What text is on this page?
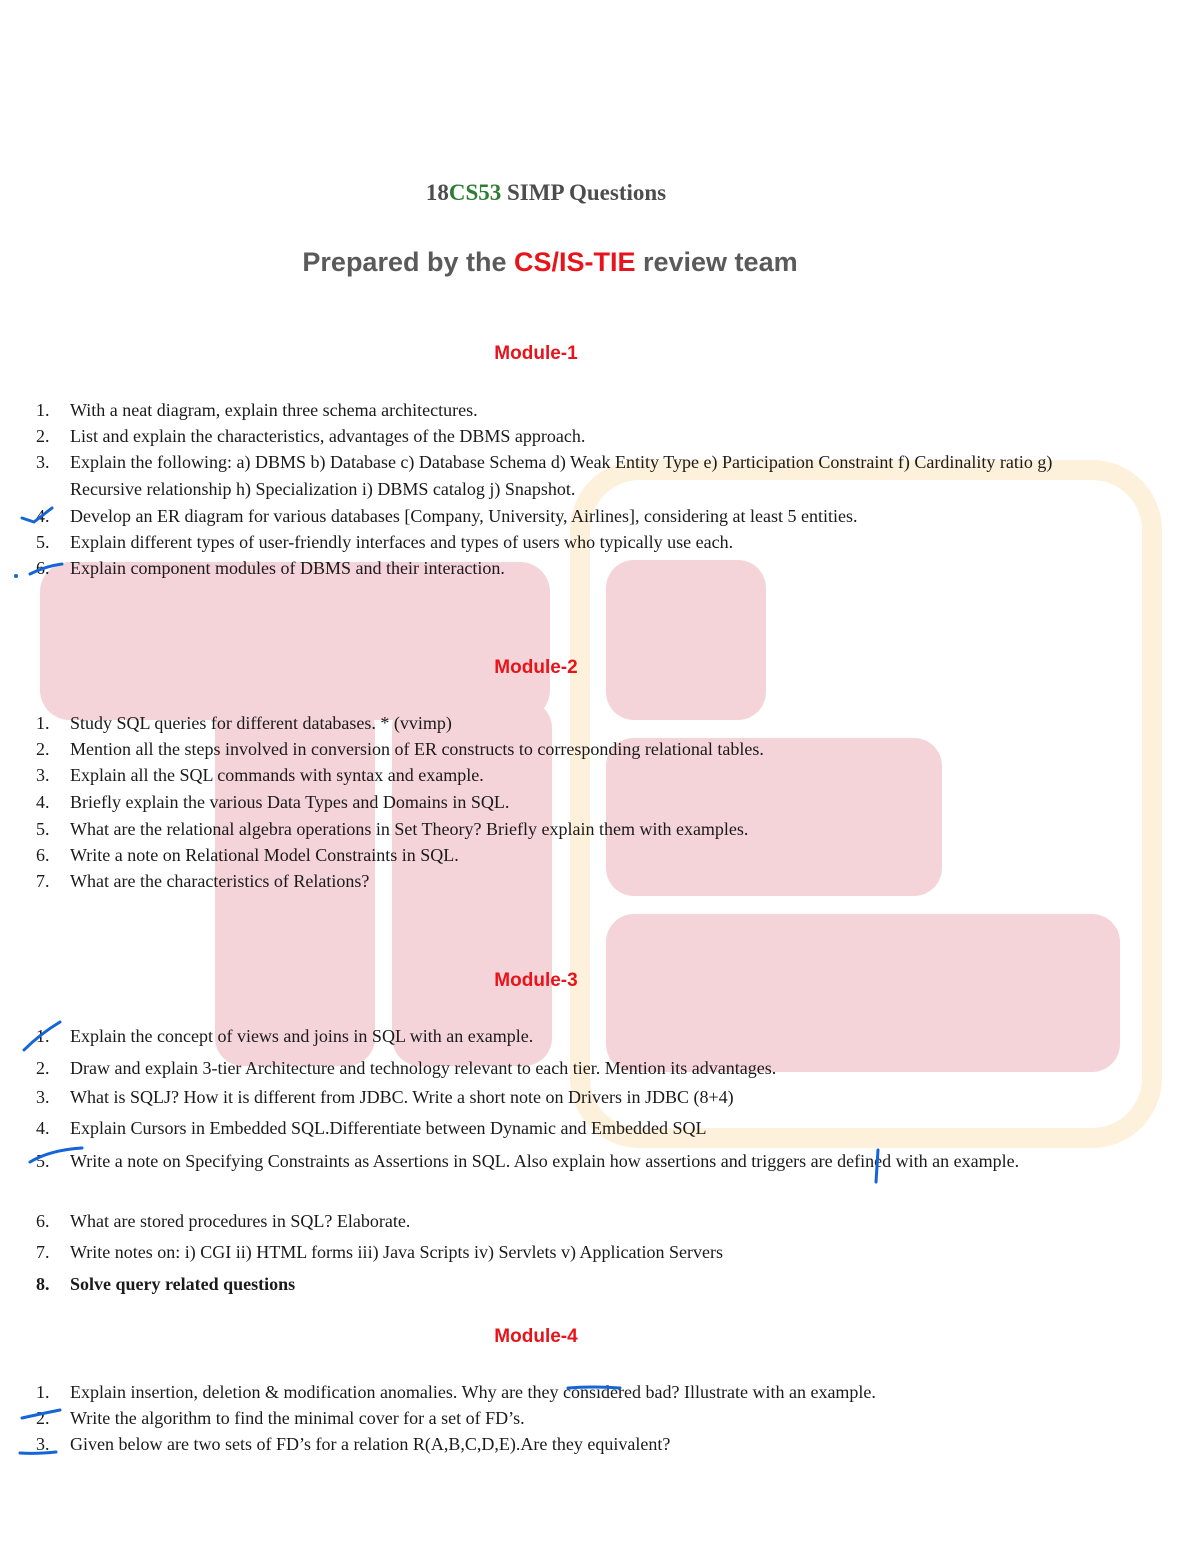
18CS53 SIMP Questions
Prepared by the CS/IS-TIE review team
Module-1

1.	With a neat diagram, explain three schema architectures.

2.	List and explain the characteristics, advantages of the DBMS approach.

3.	Explain the following: a) DBMS b) Database c) Database Schema d) Weak Entity Type e) Participation Constraint f) Cardinality ratio g) Recursive relationship h) Specialization i) DBMS catalog j) Snapshot.

4.	Develop an ER diagram for various databases [Company, University, Airlines], considering at least 5 entities.

5.	Explain different types of user-friendly interfaces and types of users who typically use each.

6.	Explain component modules of DBMS and their interaction.

Module-2

1.	Study SQL queries for different databases. * (vvimp)

2.	Mention all the steps involved in conversion of ER constructs to corresponding relational tables.

3.	Explain all the SQL commands with syntax and example.

4.	Briefly explain the various Data Types and Domains in SQL.

5.	What are the relational algebra operations in Set Theory? Briefly explain them with examples.

6.	Write a note on Relational Model Constraints in SQL.

7.	What are the characteristics of Relations?

Module-3

1.	Explain the concept of views and joins in SQL with an example.

2.	Draw and explain 3-tier Architecture and technology relevant to each tier. Mention its advantages.

3.	What is SQLJ? How it is different from JDBC. Write a short note on Drivers in JDBC (8+4)

4.	Explain Cursors in Embedded SQL.Differentiate between Dynamic and Embedded SQL

5.	Write a note on Specifying Constraints as Assertions in SQL. Also explain how assertions and triggers are defined with an example.

6.	What are stored procedures in SQL? Elaborate.

7.	Write notes on: i) CGI ii) HTML forms iii) Java Scripts iv) Servlets v) Application Servers

8.	Solve query related questions

Module-4

1.	Explain insertion, deletion & modification anomalies. Why are they considered bad? Illustrate with an example.

2.	Write the algorithm to find the minimal cover for a set of FD’s.

3.	Given below are two sets of FD’s for a relation R(A,B,C,D,E).Are they equivalent?
